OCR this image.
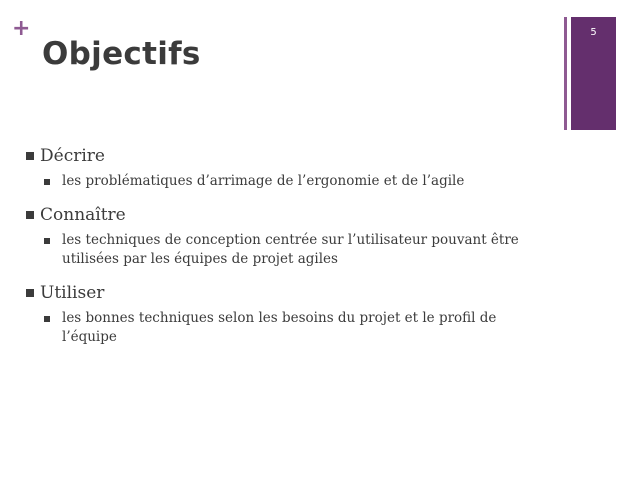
+
Objectifs
5
Décrire
les problématiques d’arrimage de l’ergonomie et de l’agile
Connaître
les techniques de conception centrée sur l’utilisateur pouvant être utilisées par les équipes de projet agiles
Utiliser
les bonnes techniques selon les besoins du projet et le profil de l’équipe
